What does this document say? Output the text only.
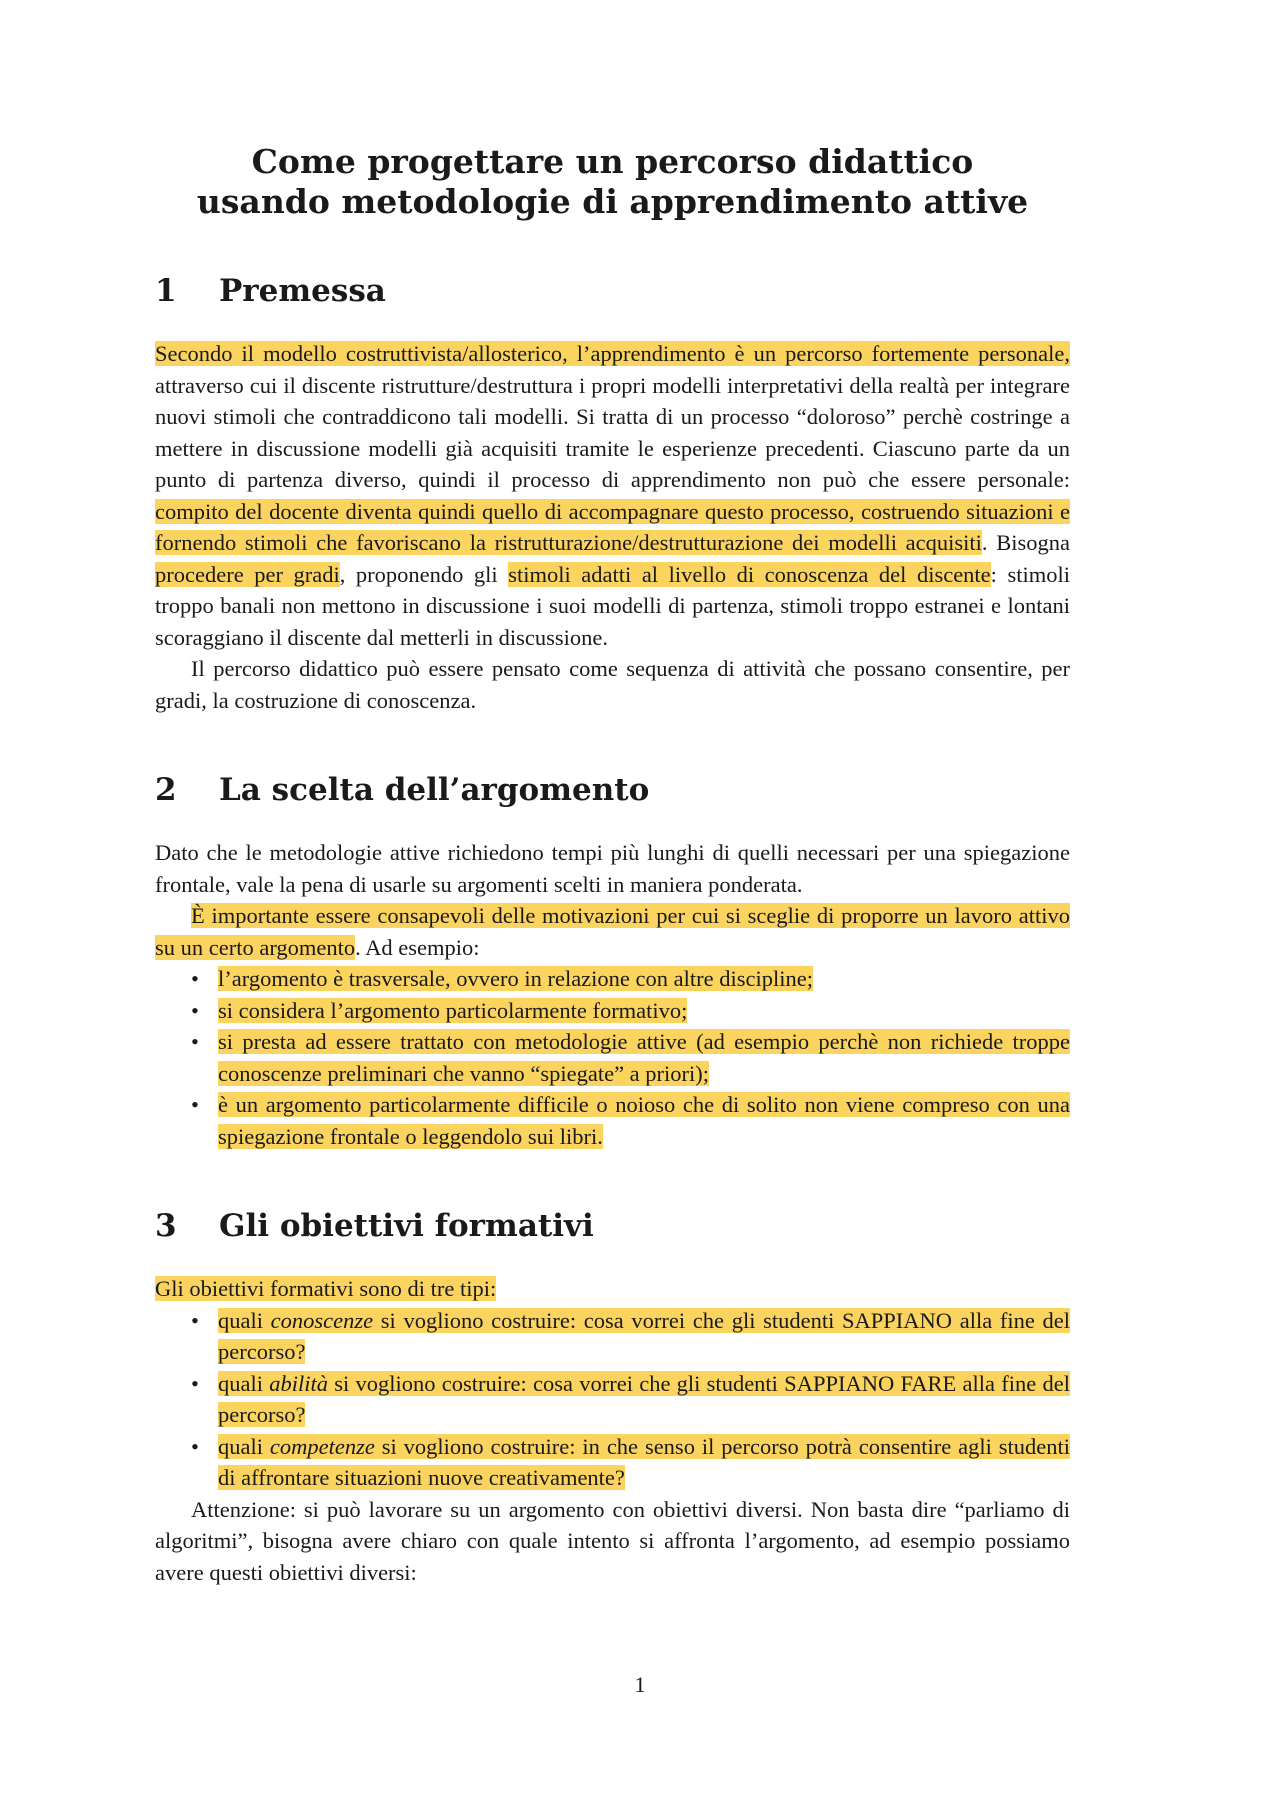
Come progettare un percorso didattico
usando metodologie di apprendimento attive
1	Premessa

Secondo il modello costruttivista/allosterico, l’apprendimento è un percorso fortemente personale, attraverso cui il discente ristrutture/destruttura i propri modelli interpretativi della realtà per integrare nuovi stimoli che contraddicono tali modelli. Si tratta di un processo “doloroso” perchè costringe a mettere in discussione modelli già acquisiti tramite le esperienze precedenti. Ciascuno parte da un punto di partenza diverso, quindi il processo di apprendimento non può che essere personale: compito del docente diventa quindi quello di accompagnare questo processo, costruendo situazioni e fornendo stimoli che favoriscano la ristrutturazione/destrutturazione dei modelli acquisiti. Bisogna procedere per gradi, proponendo gli stimoli adatti al livello di conoscenza del discente: stimoli troppo banali non mettono in discussione i suoi modelli di partenza, stimoli troppo estranei e lontani scoraggiano il discente dal metterli in discussione.

Il percorso didattico può essere pensato come sequenza di attività che possano consentire, per gradi, la costruzione di conoscenza.

2	La scelta dell’argomento

Dato che le metodologie attive richiedono tempi più lunghi di quelli necessari per una spiegazione frontale, vale la pena di usarle su argomenti scelti in maniera ponderata.

È importante essere consapevoli delle motivazioni per cui si sceglie di proporre un lavoro attivo su un certo argomento. Ad esempio:

• l’argomento è trasversale, ovvero in relazione con altre discipline;
• si considera l’argomento particolarmente formativo;
• si presta ad essere trattato con metodologie attive (ad esempio perchè non richiede troppe conoscenze preliminari che vanno “spiegate” a priori);
• è un argomento particolarmente difficile o noioso che di solito non viene compreso con una spiegazione frontale o leggendolo sui libri.
3	Gli obiettivi formativi

Gli obiettivi formativi sono di tre tipi:

• quali conoscenze si vogliono costruire: cosa vorrei che gli studenti SAPPIANO alla fine del percorso?
• quali abilità si vogliono costruire: cosa vorrei che gli studenti SAPPIANO FARE alla fine del percorso?
• quali competenze si vogliono costruire: in che senso il percorso potrà consentire agli studenti di affrontare situazioni nuove creativamente?

Attenzione: si può lavorare su un argomento con obiettivi diversi. Non basta dire “parliamo di algoritmi”, bisogna avere chiaro con quale intento si affronta l’argomento, ad esempio possiamo avere questi obiettivi diversi:

1
